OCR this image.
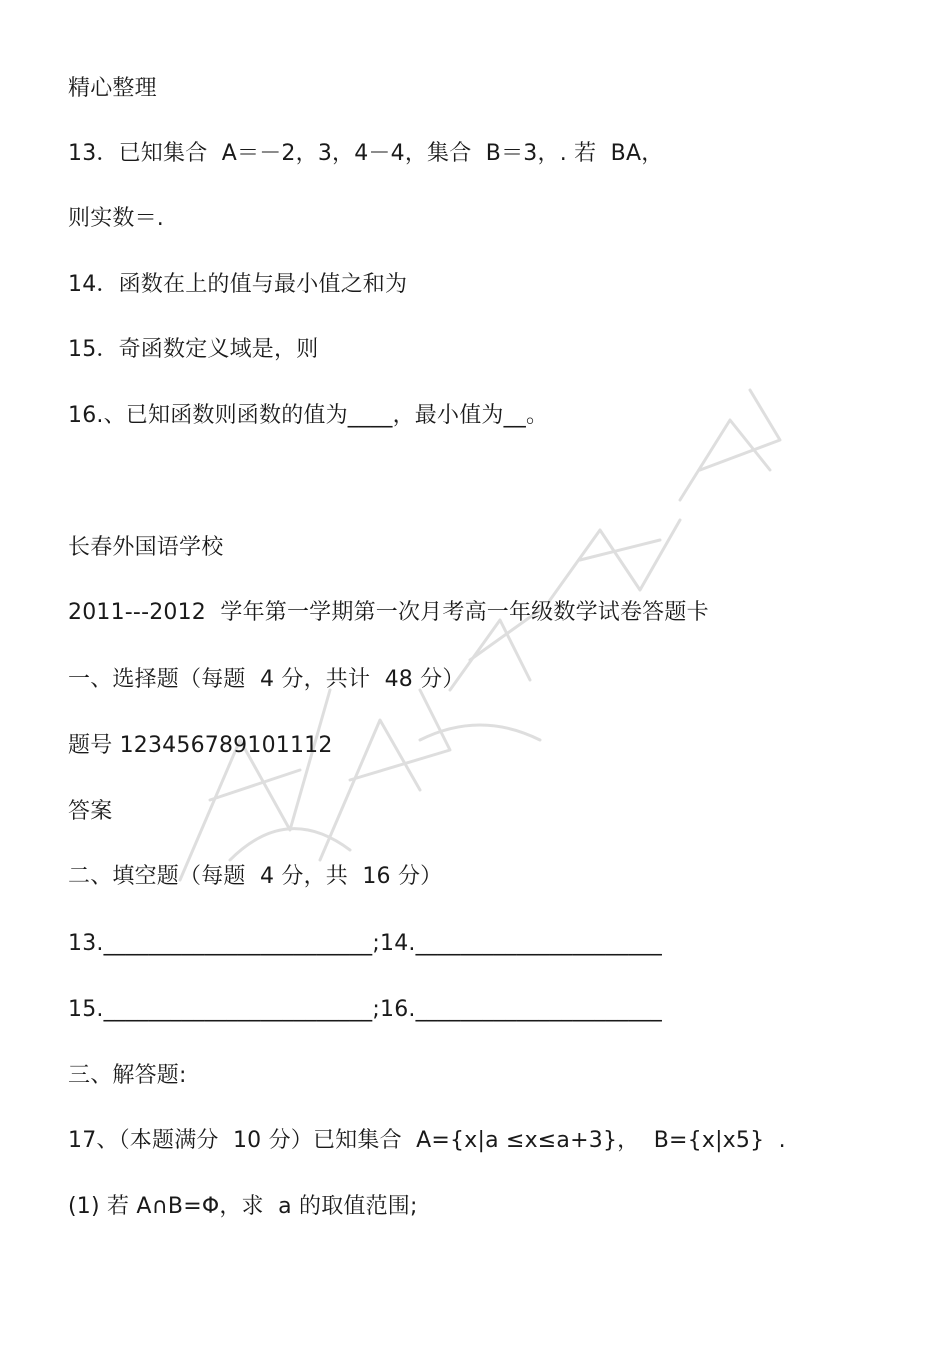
精心整理
13．已知集合  A＝－2，3，4－4，集合  B＝3，. 若  BA，
则实数＝.
14．函数在上的值与最小值之和为
15．奇函数定义域是，则
16.、已知函数则函数的值为____，最小值为__。
长春外国语学校
2011---2012  学年第一学期第一次月考高一年级数学试卷答题卡
一、选择题（每题  4 分，共计  48 分）
题号 123456789101112
答案
二、填空题（每题  4 分，共  16 分）
13.________________________;14.______________________
15.________________________;16.______________________
三、解答题:
17、（本题满分  10 分）已知集合  A={x|a ≤x≤a+3}，  B={x|x5}  .
(1) 若 A∩B=Φ，求  a 的取值范围;
